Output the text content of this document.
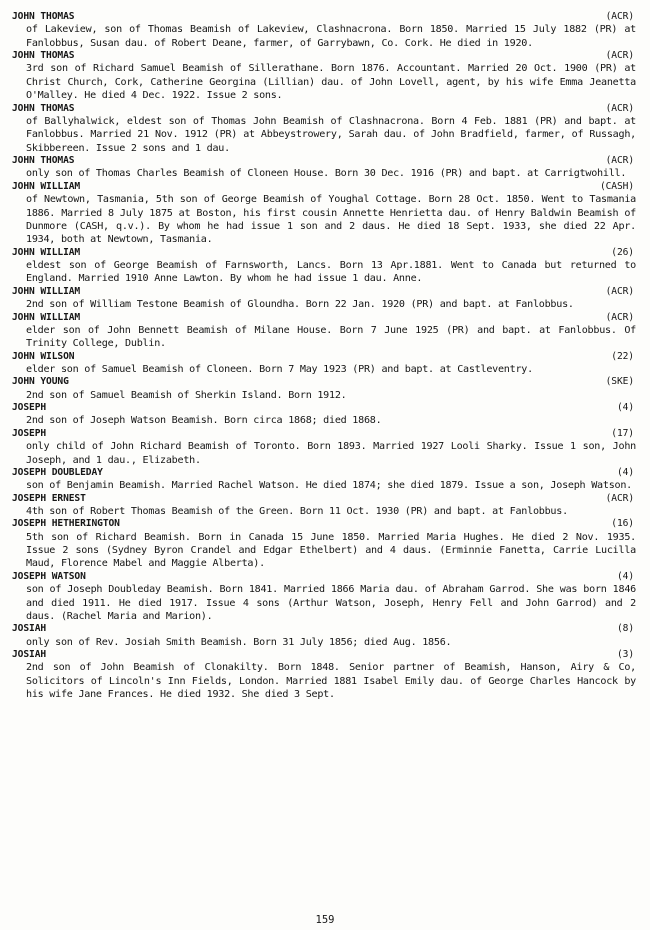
JOHN THOMAS	(ACR)
of Lakeview, son of Thomas Beamish of Lakeview, Clashnacrona. Born 1850. Married 15 July 1882 (PR) at Fanlobbus, Susan dau. of Robert Deane, farmer, of Garrybawn, Co. Cork. He died in 1920.
JOHN THOMAS	(ACR)
3rd son of Richard Samuel Beamish of Sillerathane. Born 1876. Accountant. Married 20 Oct. 1900 (PR) at Christ Church, Cork, Catherine Georgina (Lillian) dau. of John Lovell, agent, by his wife Emma Jeanetta O'Malley. He died 4 Dec. 1922. Issue 2 sons.
JOHN THOMAS	(ACR)
of Ballyhalwick, eldest son of Thomas John Beamish of Clashnacrona. Born 4 Feb. 1881 (PR) and bapt. at Fanlobbus. Married 21 Nov. 1912 (PR) at Abbeystrowery, Sarah dau. of John Bradfield, farmer, of Russagh, Skibbereen. Issue 2 sons and 1 dau.
JOHN THOMAS	(ACR)
only son of Thomas Charles Beamish of Cloneen House. Born 30 Dec. 1916 (PR) and bapt. at Carrigtwohill.
JOHN WILLIAM	(CASH)
of Newtown, Tasmania, 5th son of George Beamish of Youghal Cottage. Born 28 Oct. 1850. Went to Tasmania 1886. Married 8 July 1875 at Boston, his first cousin Annette Henrietta dau. of Henry Baldwin Beamish of Dunmore (CASH, q.v.). By whom he had issue 1 son and 2 daus. He died 18 Sept. 1933, she died 22 Apr. 1934, both at Newtown, Tasmania.
JOHN WILLIAM	(26)
eldest son of George Beamish of Farnsworth, Lancs. Born 13 Apr.1881. Went to Canada but returned to England. Married 1910 Anne Lawton. By whom he had issue 1 dau. Anne.
JOHN WILLIAM	(ACR)
2nd son of William Testone Beamish of Gloundha. Born 22 Jan. 1920 (PR) and bapt. at Fanlobbus.
JOHN WILLIAM	(ACR)
elder son of John Bennett Beamish of Milane House. Born 7 June 1925 (PR) and bapt. at Fanlobbus. Of Trinity College, Dublin.
JOHN WILSON	(22)
elder son of Samuel Beamish of Cloneen. Born 7 May 1923 (PR) and bapt. at Castleventry.
JOHN YOUNG	(SKE)
2nd son of Samuel Beamish of Sherkin Island. Born 1912.
JOSEPH	(4)
2nd son of Joseph Watson Beamish. Born circa 1868; died 1868.
JOSEPH	(17)
only child of John Richard Beamish of Toronto. Born 1893. Married 1927 Looli Sharky. Issue 1 son, John Joseph, and 1 dau., Elizabeth.
JOSEPH DOUBLEDAY	(4)
son of Benjamin Beamish. Married Rachel Watson. He died 1874; she died 1879. Issue a son, Joseph Watson.
JOSEPH ERNEST	(ACR)
4th son of Robert Thomas Beamish of the Green. Born 11 Oct. 1930 (PR) and bapt. at Fanlobbus.
JOSEPH HETHERINGTON	(16)
5th son of Richard Beamish. Born in Canada 15 June 1850. Married Maria Hughes. He died 2 Nov. 1935. Issue 2 sons (Sydney Byron Crandel and Edgar Ethelbert) and 4 daus. (Erminnie Fanetta, Carrie Lucilla Maud, Florence Mabel and Maggie Alberta).
JOSEPH WATSON	(4)
son of Joseph Doubleday Beamish. Born 1841. Married 1866 Maria dau. of Abraham Garrod. She was born 1846 and died 1911. He died 1917. Issue 4 sons (Arthur Watson, Joseph, Henry Fell and John Garrod) and 2 daus. (Rachel Maria and Marion).
JOSIAH	(8)
only son of Rev. Josiah Smith Beamish. Born 31 July 1856; died Aug. 1856.
JOSIAH	(3)
2nd son of John Beamish of Clonakilty. Born 1848. Senior partner of Beamish, Hanson, Airy & Co, Solicitors of Lincoln's Inn Fields, London. Married 1881 Isabel Emily dau. of George Charles Hancock by his wife Jane Frances. He died 1932. She died 3 Sept.
159
